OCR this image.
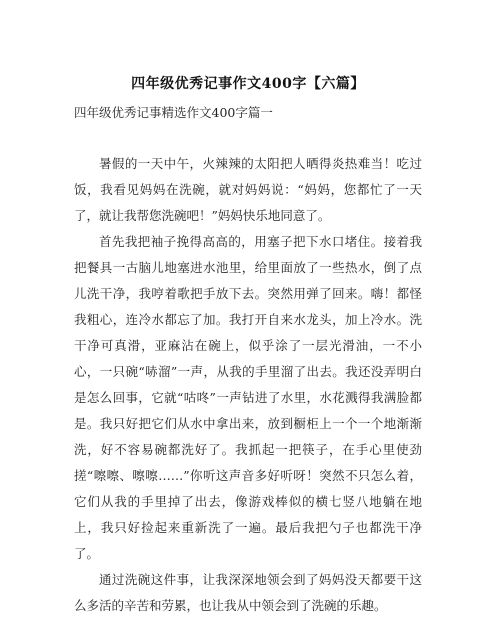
四年级优秀记事作文400字【六篇】
四年级优秀记事精选作文400字篇一

暑假的一天中午，火辣辣的太阳把人晒得炎热难当！吃过饭，我看见妈妈在洗碗，就对妈妈说：“妈妈，您都忙了一天了，就让我帮您洗碗吧！”妈妈快乐地同意了。

首先我把袖子挽得高高的，用塞子把下水口堵住。接着我把餐具一古脑儿地塞进水池里，给里面放了一些热水，倒了点儿洗干净，我哼着歌把手放下去。突然用弹了回来。嗨！都怪我粗心，连冷水都忘了加。我打开自来水龙头，加上冷水。洗干净可真滑，亚麻沾在碗上，似乎涂了一层光滑油，一不小心，一只碗“哧溜”一声，从我的手里溜了出去。我还没弄明白是怎么回事，它就“咕咚”一声钻进了水里，水花溅得我满脸都是。我只好把它们从水中拿出来，放到橱柜上一个一个地渐渐洗，好不容易碗都洗好了。我抓起一把筷子，在手心里使劲搓“嚓嚓、嚓嚓……”你听这声音多好听呀！突然不只怎么着，它们从我的手里掉了出去，像游戏棒似的横七竖八地躺在地上，我只好捡起来重新洗了一遍。最后我把勺子也都洗干净了。

通过洗碗这件事，让我深深地领会到了妈妈没天都要干这么多活的辛苦和劳累，也让我从中领会到了洗碗的乐趣。
